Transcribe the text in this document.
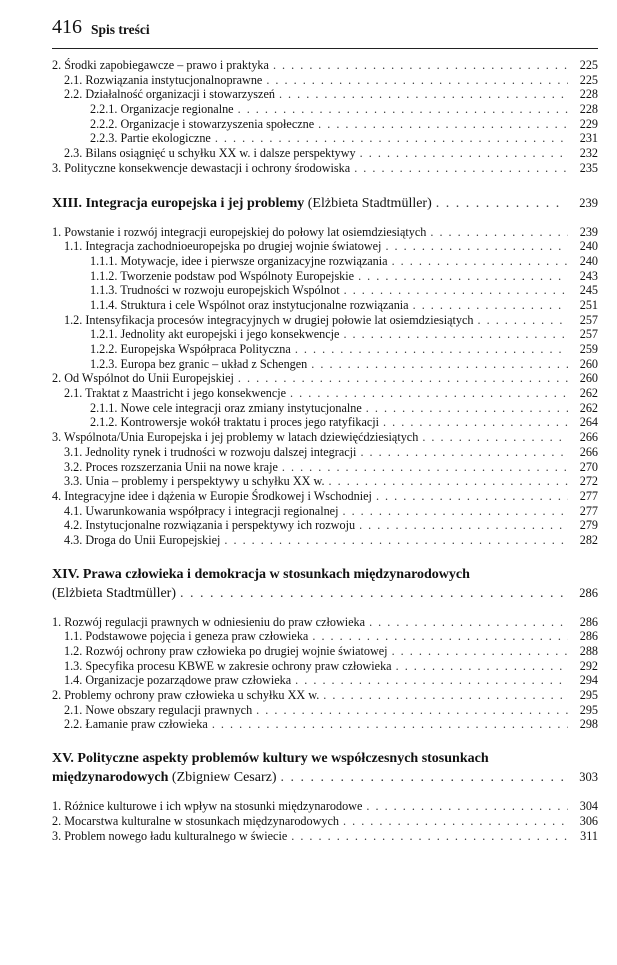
416 Spis treści
2. Środki zapobiegawcze – prawo i praktyka . . .	225
2.1. Rozwiązania instytucjonalnoprawne . . .	225
2.2. Działalność organizacji i stowarzyszeń . . .	228
2.2.1. Organizacje regionalne . . .	228
2.2.2. Organizacje i stowarzyszenia społeczne . . .	229
2.2.3. Partie ekologiczne . . .	231
2.3. Bilans osiągnięć u schyłku XX w. i dalsze perspektywy . . .	232
3. Polityczne konsekwencje dewastacji i ochrony środowiska . . .	235
XIII. Integracja europejska i jej problemy (Elżbieta Stadtmüller) . . .	239
1. Powstanie i rozwój integracji europejskiej do połowy lat osiemdziesiątych . . .	239
1.1. Integracja zachodnioeuropejska po drugiej wojnie światowej . . .	240
1.1.1. Motywacje, idee i pierwsze organizacyjne rozwiązania . . .	240
1.1.2. Tworzenie podstaw pod Wspólnoty Europejskie . . .	243
1.1.3. Trudności w rozwoju europejskich Wspólnot . . .	245
1.1.4. Struktura i cele Wspólnot oraz instytucjonalne rozwiązania . . .	251
1.2. Intensyfikacja procesów integracyjnych w drugiej połowie lat osiemdziesiątych . . .	257
1.2.1. Jednolity akt europejski i jego konsekwencje . . .	257
1.2.2. Europejska Współpraca Polityczna . . .	259
1.2.3. Europa bez granic – układ z Schengen . . .	260
2. Od Wspólnot do Unii Europejskiej . . .	260
2.1. Traktat z Maastricht i jego konsekwencje . . .	262
2.1.1. Nowe cele integracji oraz zmiany instytucjonalne . . .	262
2.1.2. Kontrowersje wokół traktatu i proces jego ratyfikacji . . .	264
3. Wspólnota/Unia Europejska i jej problemy w latach dziewięćdziesiątych . . .	266
3.1. Jednolity rynek i trudności w rozwoju dalszej integracji . . .	266
3.2. Proces rozszerzania Unii na nowe kraje . . .	270
3.3. Unia – problemy i perspektywy u schyłku XX w. . . .	272
4. Integracyjne idee i dążenia w Europie Środkowej i Wschodniej . . .	277
4.1. Uwarunkowania współpracy i integracji regionalnej . . .	277
4.2. Instytucjonalne rozwiązania i perspektywy ich rozwoju . . .	279
4.3. Droga do Unii Europejskiej . . .	282
XIV. Prawa człowieka i demokracja w stosunkach międzynarodowych
(Elżbieta Stadtmüller) . . .	286
1. Rozwój regulacji prawnych w odniesieniu do praw człowieka . . .	286
1.1. Podstawowe pojęcia i geneza praw człowieka . . .	286
1.2. Rozwój ochrony praw człowieka po drugiej wojnie światowej . . .	288
1.3. Specyfika procesu KBWE w zakresie ochrony praw człowieka . . .	292
1.4. Organizacje pozarządowe praw człowieka . . .	294
2. Problemy ochrony praw człowieka u schyłku XX w. . . .	295
2.1. Nowe obszary regulacji prawnych . . .	295
2.2. Łamanie praw człowieka . . .	298
XV. Polityczne aspekty problemów kultury we współczesnych stosunkach
międzynarodowych (Zbigniew Cesarz) . . .	303
1. Różnice kulturowe i ich wpływ na stosunki międzynarodowe . . .	304
2. Mocarstwa kulturalne w stosunkach międzynarodowych . . .	306
3. Problem nowego ładu kulturalnego w świecie . . .	311
